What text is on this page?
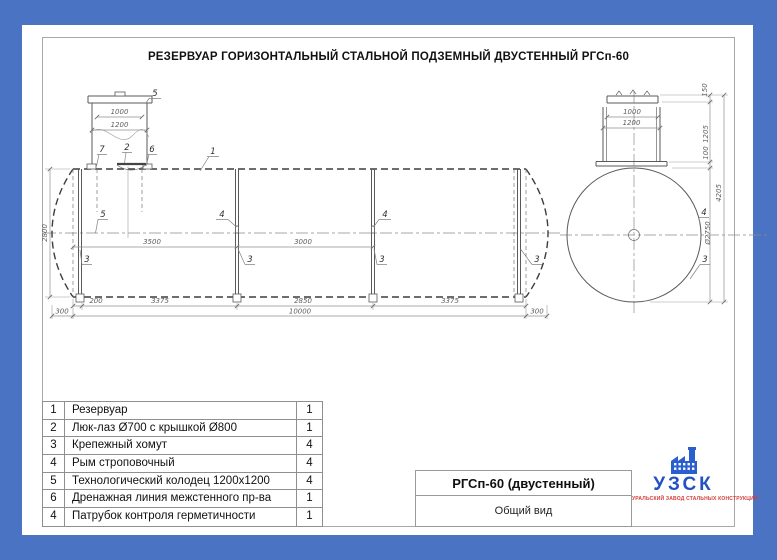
РЕЗЕРВУАР ГОРИЗОНТАЛЬНЫЙ СТАЛЬНОЙ ПОДЗЕМНЫЙ ДВУСТЕННЫЙ РГСп-60
1000
1200
2800
3500	3000
200	3375	2850	3375
300	10000	300
5
7 2 6	1
5	4	4
3	3	3	3
1000
1200
150
1205
100
Ø2750
4205
4
3
1	Резервуар	1
2	Люк-лаз Ø700 с крышкой Ø800	1
3	Крепежный хомут	4
4	Рым строповочный	4
5	Технологический колодец 1200x1200	4
6	Дренажная линия межстенного пр-ва	1
4	Патрубок контроля герметичности	1
РГСп-60 (двустенный)
Общий вид
УЗСК
УРАЛЬСКИЙ ЗАВОД СТАЛЬНЫХ КОНСТРУКЦИЙ
